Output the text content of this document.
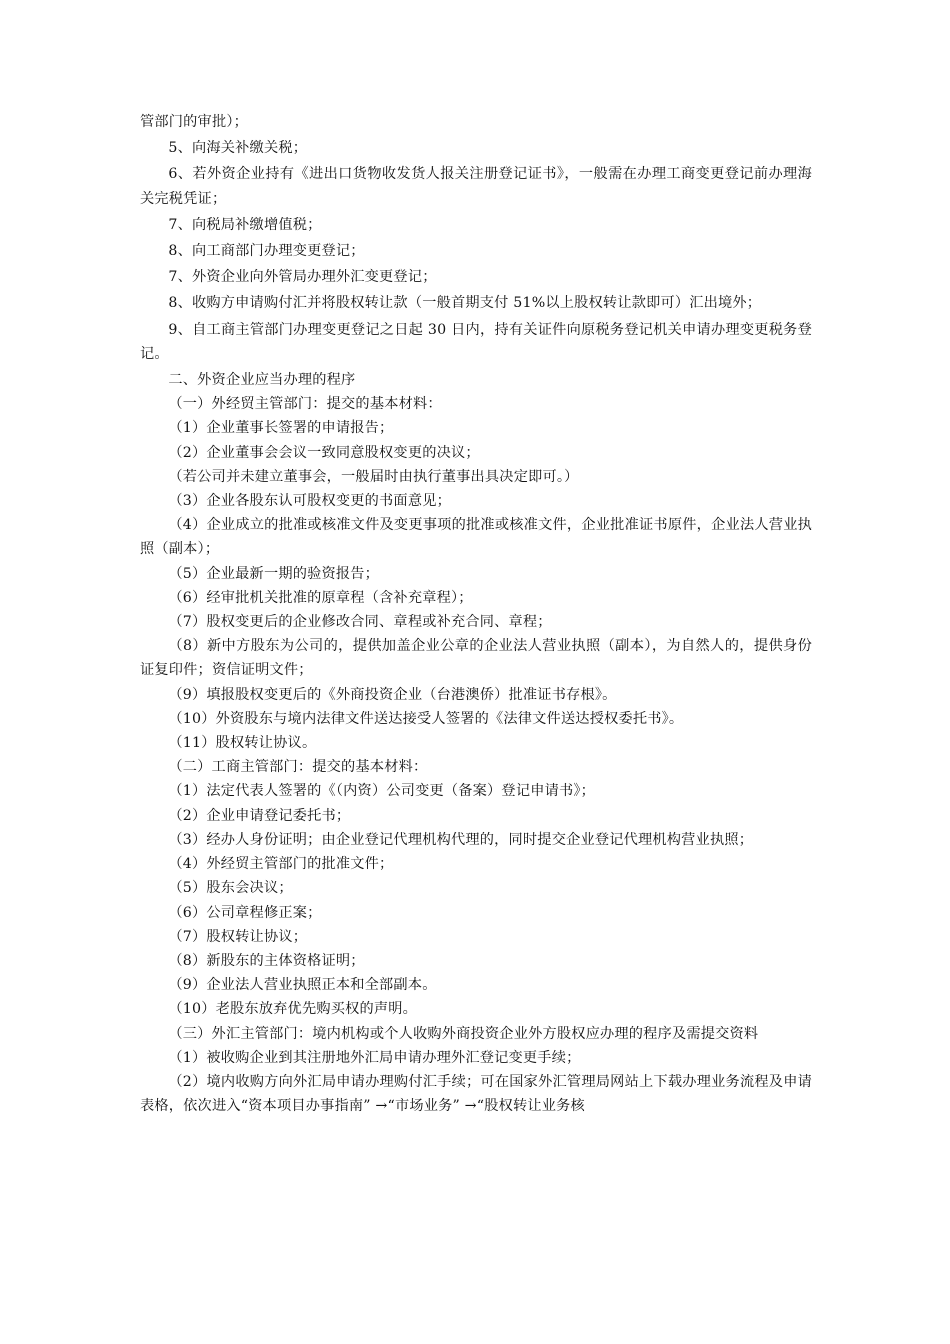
管部门的审批）；

5、向海关补缴关税；

6、若外资企业持有《进出口货物收发货人报关注册登记证书》，一般需在办理工商变更登记前办理海关完税凭证；

7、向税局补缴增值税；

8、向工商部门办理变更登记；

7、外资企业向外管局办理外汇变更登记；

8、收购方申请购付汇并将股权转让款（一般首期支付 51%以上股权转让款即可）汇出境外；

9、自工商主管部门办理变更登记之日起 30 日内，持有关证件向原税务登记机关申请办理变更税务登记。

二、外资企业应当办理的程序

（一）外经贸主管部门：提交的基本材料：

（1）企业董事长签署的申请报告；

（2）企业董事会会议一致同意股权变更的决议；

（若公司并未建立董事会，一般届时由执行董事出具决定即可。）

（3）企业各股东认可股权变更的书面意见；

（4）企业成立的批准或核准文件及变更事项的批准或核准文件，企业批准证书原件，企业法人营业执照（副本）；

（5）企业最新一期的验资报告；

（6）经审批机关批准的原章程（含补充章程）；

（7）股权变更后的企业修改合同、章程或补充合同、章程；

（8）新中方股东为公司的，提供加盖企业公章的企业法人营业执照（副本），为自然人的，提供身份证复印件；资信证明文件；

（9）填报股权变更后的《外商投资企业（台港澳侨）批准证书存根》。

（10）外资股东与境内法律文件送达接受人签署的《法律文件送达授权委托书》。

（11）股权转让协议。

（二）工商主管部门：提交的基本材料：

（1）法定代表人签署的《（内资）公司变更（备案）登记申请书》；

（2）企业申请登记委托书；

（3）经办人身份证明；由企业登记代理机构代理的，同时提交企业登记代理机构营业执照；

（4）外经贸主管部门的批准文件；

（5）股东会决议；

（6）公司章程修正案；

（7）股权转让协议；

（8）新股东的主体资格证明；

（9）企业法人营业执照正本和全部副本。

（10）老股东放弃优先购买权的声明。

（三）外汇主管部门：境内机构或个人收购外商投资企业外方股权应办理的程序及需提交资料

（1）被收购企业到其注册地外汇局申请办理外汇登记变更手续；

（2）境内收购方向外汇局申请办理购付汇手续；可在国家外汇管理局网站上下载办理业务流程及申请表格，依次进入“资本项目办事指南” →“市场业务” →“股权转让业务核
